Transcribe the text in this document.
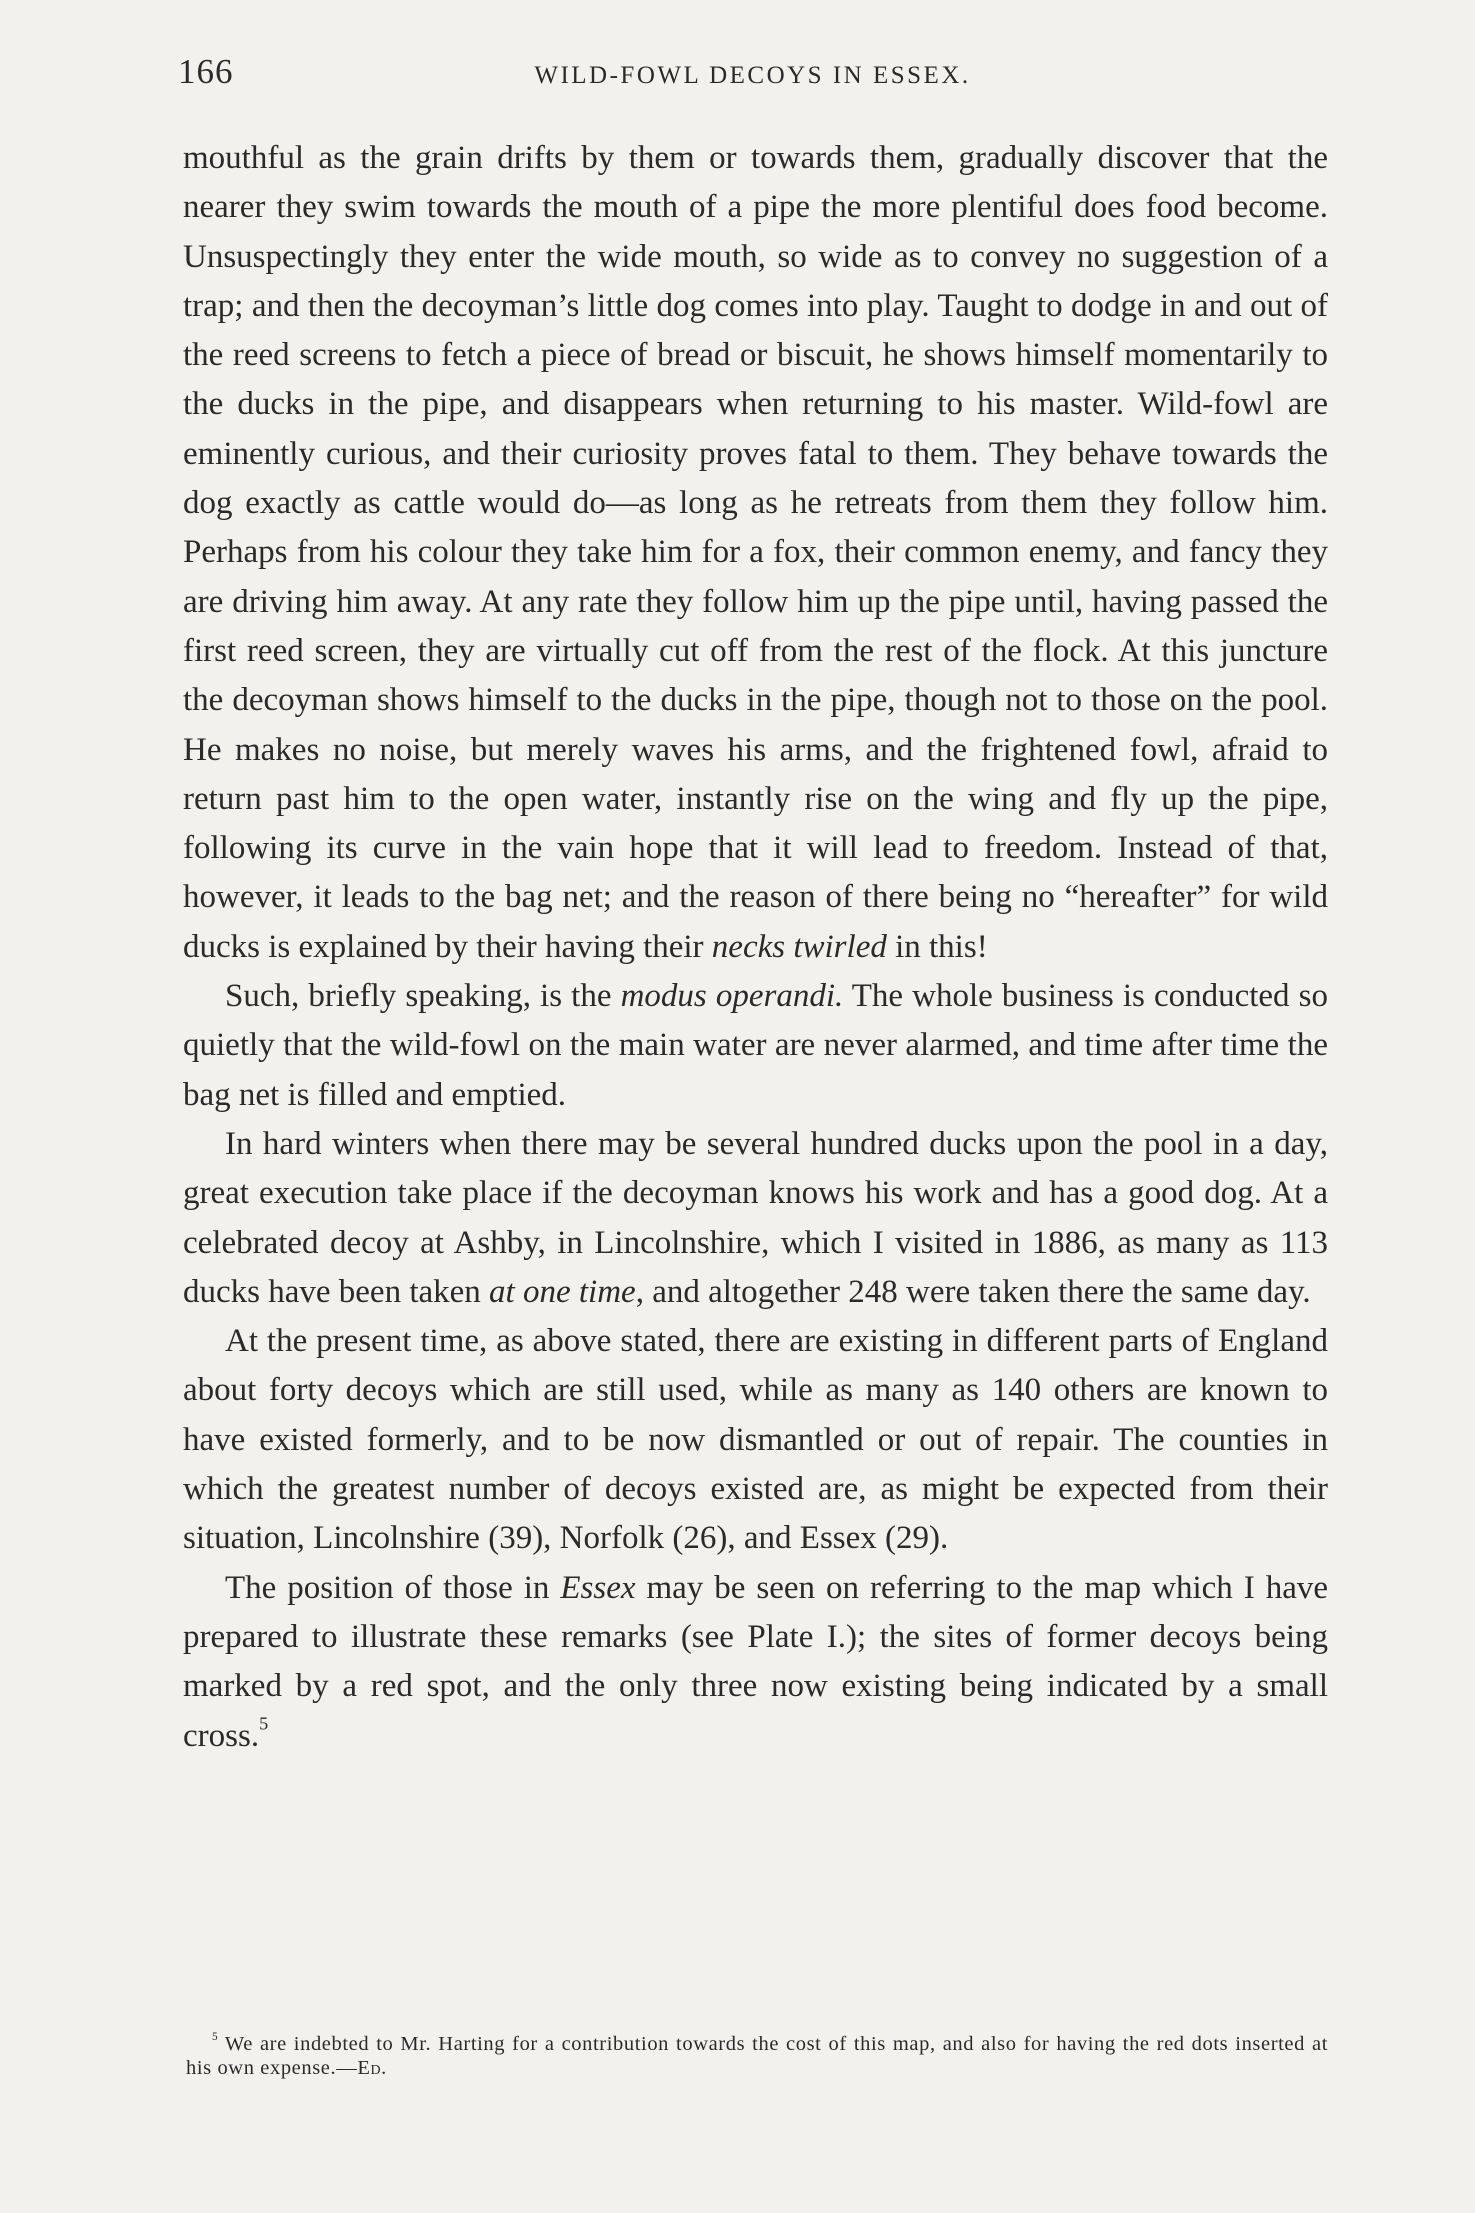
166	WILD-FOWL DECOYS IN ESSEX.

mouthful as the grain drifts by them or towards them, gradually discover that the nearer they swim towards the mouth of a pipe the more plentiful does food become. Unsuspectingly they enter the wide mouth, so wide as to convey no suggestion of a trap; and then the decoyman’s little dog comes into play. Taught to dodge in and out of the reed screens to fetch a piece of bread or biscuit, he shows himself momentarily to the ducks in the pipe, and disappears when returning to his master. Wild-fowl are eminently curious, and their curiosity proves fatal to them. They behave towards the dog exactly as cattle would do—as long as he retreats from them they follow him. Perhaps from his colour they take him for a fox, their common enemy, and fancy they are driving him away. At any rate they follow him up the pipe until, having passed the first reed screen, they are virtually cut off from the rest of the flock. At this juncture the decoyman shows himself to the ducks in the pipe, though not to those on the pool. He makes no noise, but merely waves his arms, and the frightened fowl, afraid to return past him to the open water, instantly rise on the wing and fly up the pipe, following its curve in the vain hope that it will lead to freedom. Instead of that, however, it leads to the bag net; and the reason of there being no “hereafter” for wild ducks is explained by their having their necks twirled in this!

Such, briefly speaking, is the modus operandi. The whole business is conducted so quietly that the wild-fowl on the main water are never alarmed, and time after time the bag net is filled and emptied.

In hard winters when there may be several hundred ducks upon the pool in a day, great execution take place if the decoyman knows his work and has a good dog. At a celebrated decoy at Ashby, in Lincolnshire, which I visited in 1886, as many as 113 ducks have been taken at one time, and altogether 248 were taken there the same day.

At the present time, as above stated, there are existing in different parts of England about forty decoys which are still used, while as many as 140 others are known to have existed formerly, and to be now dismantled or out of repair. The counties in which the greatest number of decoys existed are, as might be expected from their situation, Lincolnshire (39), Norfolk (26), and Essex (29).

The position of those in Essex may be seen on referring to the map which I have prepared to illustrate these remarks (see Plate I.); the sites of former decoys being marked by a red spot, and the only three now existing being indicated by a small cross.$^5$

$^5$ We are indebted to Mr. Harting for a contribution towards the cost of this map, and also for having the red dots inserted at his own expense.—Ed.
